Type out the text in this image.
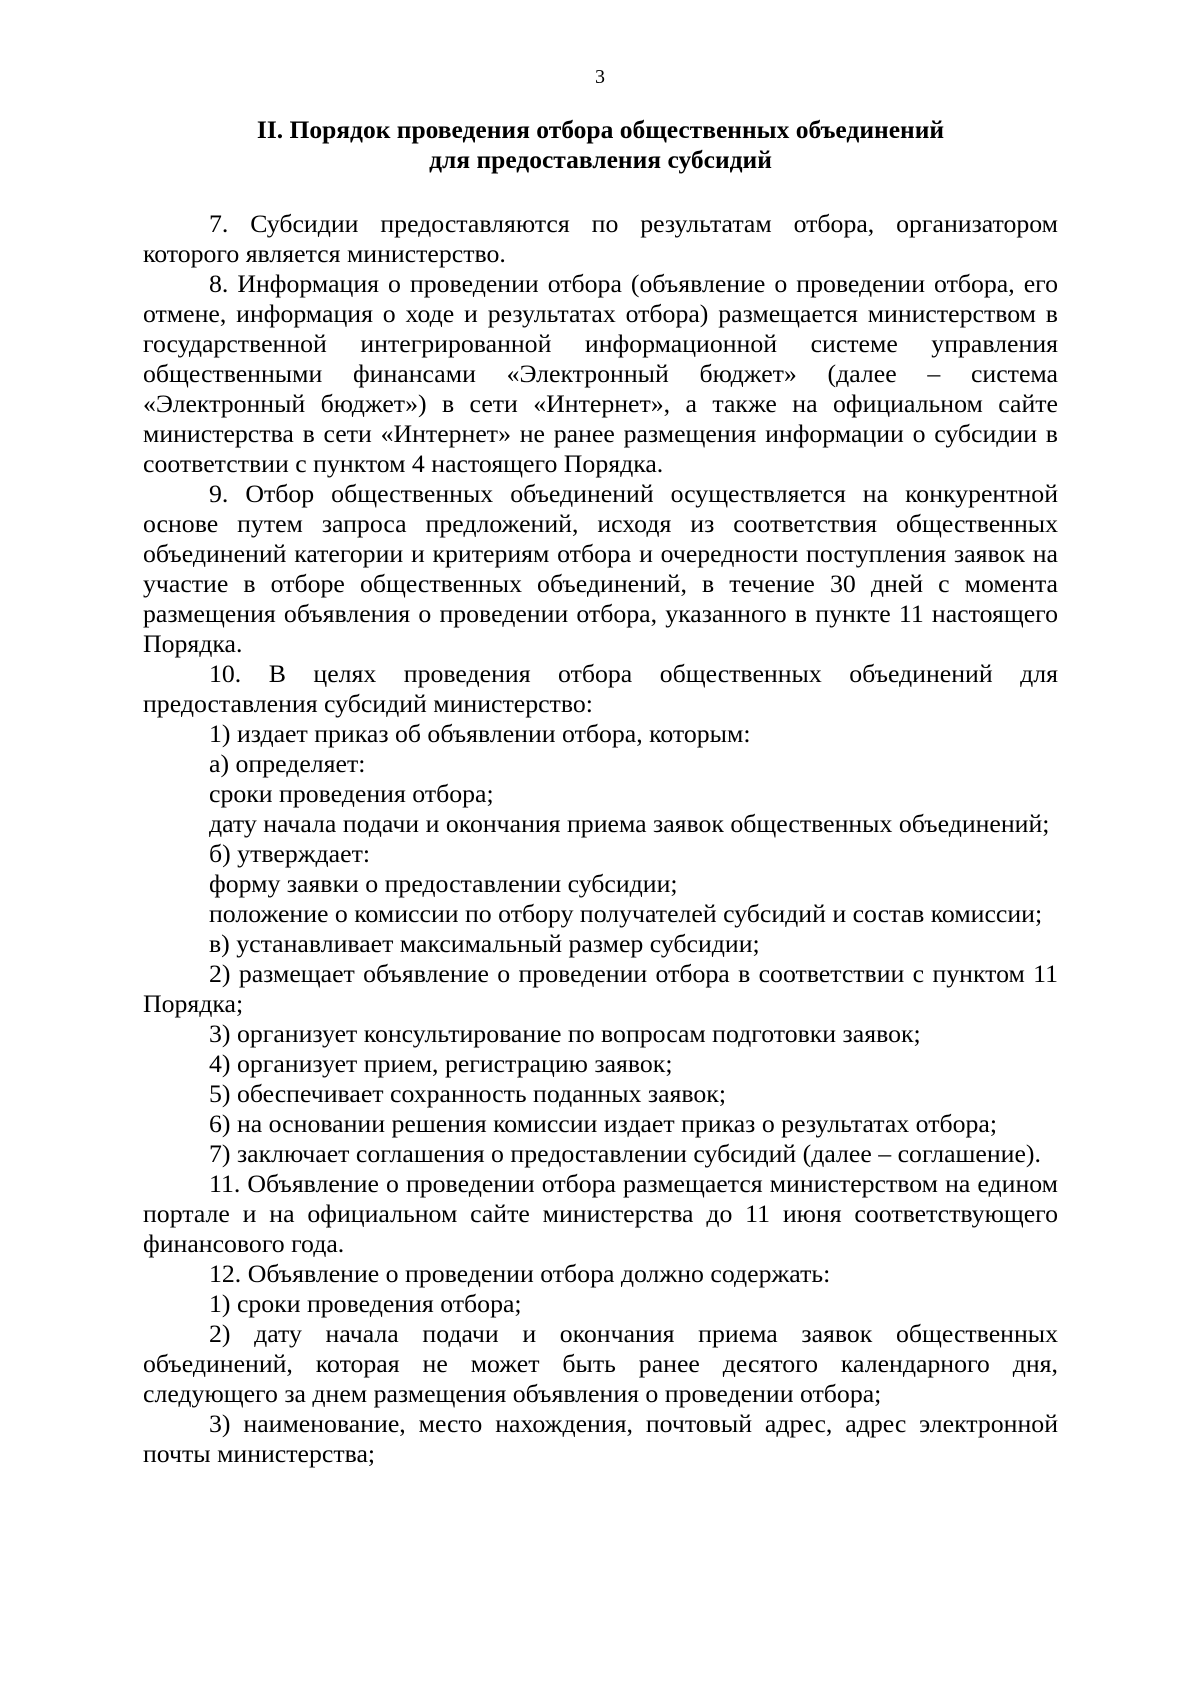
3
II. Порядок проведения отбора общественных объединений
для предоставления субсидий

7. Субсидии предоставляются по результатам отбора, организатором которого является министерство.

8. Информация о проведении отбора (объявление о проведении отбора, его отмене, информация о ходе и результатах отбора) размещается министерством в государственной интегрированной информационной системе управления общественными финансами «Электронный бюджет» (далее – система «Электронный бюджет») в сети «Интернет», а также на официальном сайте министерства в сети «Интернет» не ранее размещения информации о субсидии в соответствии с пунктом 4 настоящего Порядка.

9. Отбор общественных объединений осуществляется на конкурентной основе путем запроса предложений, исходя из соответствия общественных объединений категории и критериям отбора и очередности поступления заявок на участие в отборе общественных объединений, в течение 30 дней с момента размещения объявления о проведении отбора, указанного в пункте 11 настоящего Порядка.

10. В целях проведения отбора общественных объединений для предоставления субсидий министерство:

1) издает приказ об объявлении отбора, которым:

а) определяет:

сроки проведения отбора;

дату начала подачи и окончания приема заявок общественных объединений;

б) утверждает:

форму заявки о предоставлении субсидии;

положение о комиссии по отбору получателей субсидий и состав комиссии;

в) устанавливает максимальный размер субсидии;

2) размещает объявление о проведении отбора в соответствии с пунктом 11 Порядка;

3) организует консультирование по вопросам подготовки заявок;

4) организует прием, регистрацию заявок;

5) обеспечивает сохранность поданных заявок;

6) на основании решения комиссии издает приказ о результатах отбора;

7) заключает соглашения о предоставлении субсидий (далее – соглашение).

11. Объявление о проведении отбора размещается министерством на едином портале и на официальном сайте министерства до 11 июня соответствующего финансового года.

12. Объявление о проведении отбора должно содержать:

1) сроки проведения отбора;

2) дату начала подачи и окончания приема заявок общественных объединений, которая не может быть ранее десятого календарного дня, следующего за днем размещения объявления о проведении отбора;

3) наименование, место нахождения, почтовый адрес, адрес электронной почты министерства;
